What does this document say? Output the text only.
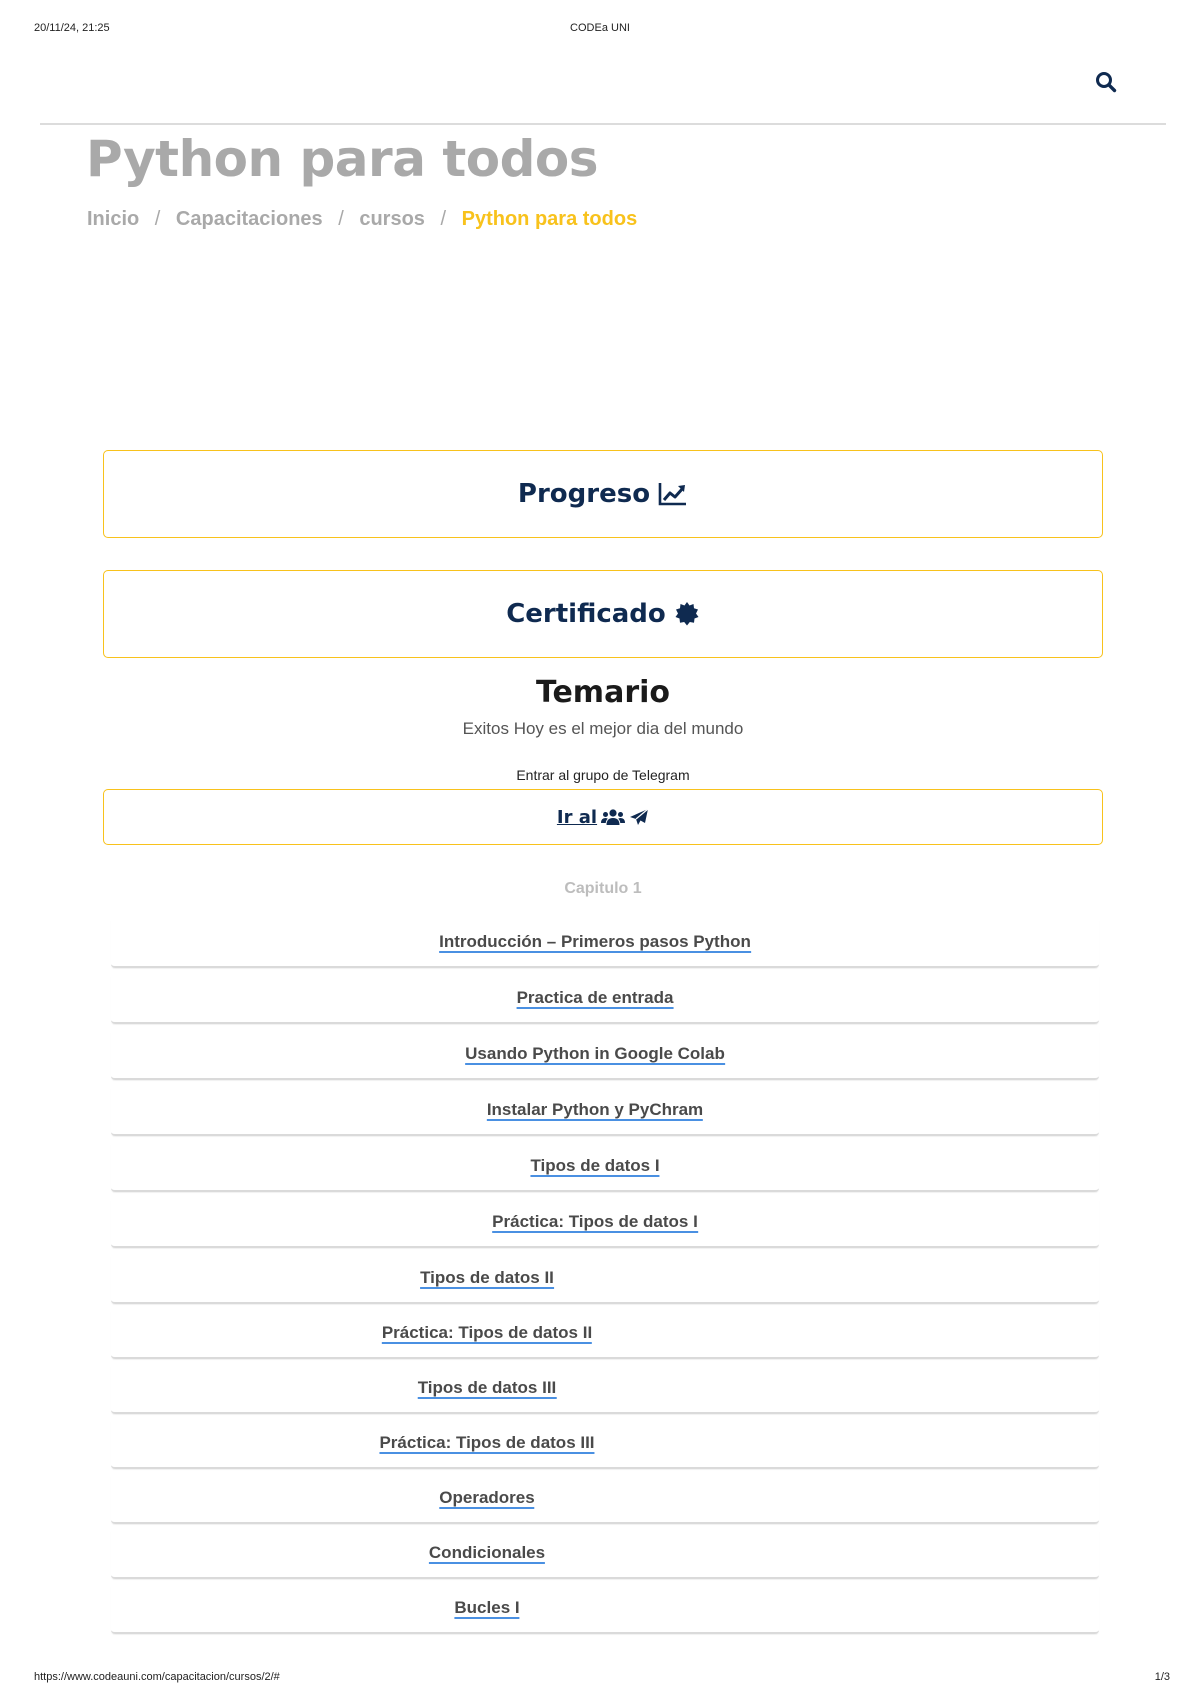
20/11/24, 21:25	CODEa UNI
Python para todos
Inicio / Capacitaciones / cursos / Python para todos
Progreso
Certificado
Temario
Exitos Hoy es el mejor dia del mundo
Entrar al grupo de Telegram
Ir al
Capitulo 1
Introducción – Primeros pasos Python
Practica de entrada
Usando Python in Google Colab
Instalar Python y PyChram
Tipos de datos I
Práctica: Tipos de datos I
Tipos de datos II
Práctica: Tipos de datos II
Tipos de datos III
Práctica: Tipos de datos III
Operadores
Condicionales
Bucles I
https://www.codeauni.com/capacitacion/cursos/2/#	1/3
